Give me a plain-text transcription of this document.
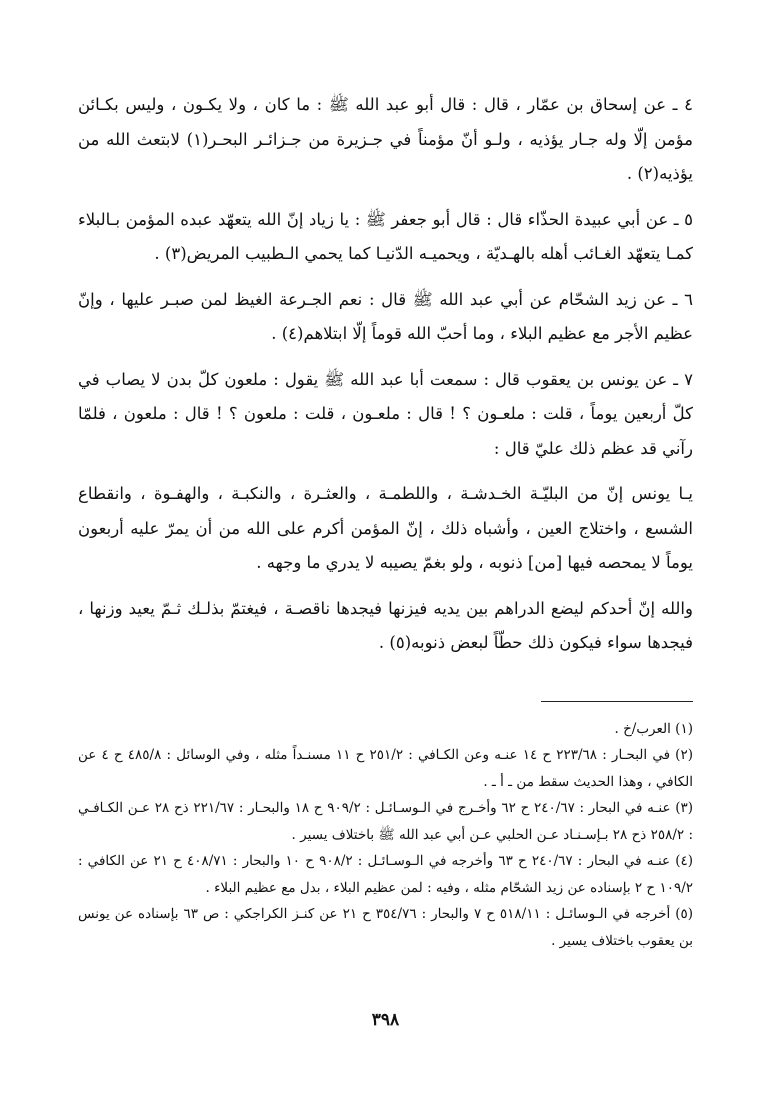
٤ ـ عن إسحاق بن عمّار ، قال : قال أبو عبد الله ﷺ : ما كان ، ولا يكـون ، وليس بكـائن مؤمن إلّا وله جـار يؤذيه ، ولـو أنّ مؤمناً في جـزيرة من جـزائـر البحـر(١) لابتعث الله من يؤذيه(٢) .

٥ ـ عن أبي عبيدة الحذّاء قال : قال أبو جعفر ﷺ : يا زياد إنّ الله يتعهّد عبده المؤمن بـالبلاء كمـا يتعهّد الغـائب أهله بالهـديّة ، ويحميـه الدّنيـا كما يحمي الـطبيب المريض(٣) .

٦ ـ عن زيد الشحّام عن أبي عبد الله ﷺ قال : نعم الجـرعة الغيظ لمن صبـر عليها ، وإنّ عظيم الأجر مع عظيم البلاء ، وما أحبّ الله قوماً إلّا ابتلاهم(٤) .

٧ ـ عن يونس بن يعقوب قال : سمعت أبا عبد الله ﷺ يقول : ملعون كلّ بدن لا يصاب في كلّ أربعين يوماً ، قلت : ملعـون ؟ ! قال : ملعـون ، قلت : ملعون ؟ ! قال : ملعون ، فلمّا رآني قد عظم ذلك عليّ قال :

يـا يونس إنّ من البليّـة الخـدشـة ، واللطمـة ، والعثـرة ، والنكبـة ، والهفـوة ، وانقطاع الشسع ، واختلاج العين ، وأشباه ذلك ، إنّ المؤمن أكرم على الله من أن يمرّ عليه أربعون يوماً لا يمحصه فيها [من] ذنوبه ، ولو بغمّ يصيبه لا يدري ما وجهه .

والله إنّ أحدكم ليضع الدراهم بين يديه فيزنها فيجدها ناقصـة ، فيغتمّ بذلـك ثـمّ يعيد وزنها ، فيجدها سواء فيكون ذلك حطّاً لبعض ذنوبه(٥) .

(١) العرب/خ .

(٢) في البحـار : ٢٢٣/٦٨ ح ١٤ عنـه وعن الكـافي : ٢٥١/٢ ح ١١ مسنـداً مثله ، وفي الوسائل : ٤٨٥/٨ ح ٤ عن الكافي ، وهذا الحديث سقط من ـ أ ـ .

(٣) عنـه في البحار : ٢٤٠/٦٧ ح ٦٢ وأخـرج في الـوسـائـل : ٩٠٩/٢ ح ١٨ والبحـار : ٢٢١/٦٧ ذح ٢٨ عـن الكـافـي : ٢٥٨/٢ ذح ٢٨ بـإسـنـاد عـن الحلبي عـن أبي عبد الله ﷺ باختلاف يسير .

(٤) عنـه في البحار : ٢٤٠/٦٧ ح ٦٣ وأخرجه في الـوسـائـل : ٩٠٨/٢ ح ١٠ والبحار : ٤٠٨/٧١ ح ٢١ عن الكافي : ١٠٩/٢ ح ٢ بإسناده عن زيد الشحّام مثله ، وفيه : لمن عظيم البلاء ، بدل مع عظيم البلاء .

(٥) أخرجه في الـوسائـل : ٥١٨/١١ ح ٧ والبحار : ٣٥٤/٧٦ ح ٢١ عن كنـز الكراجكي : ص ٦٣ بإسناده عن يونس بن يعقوب باختلاف يسير .

٣٩٨
